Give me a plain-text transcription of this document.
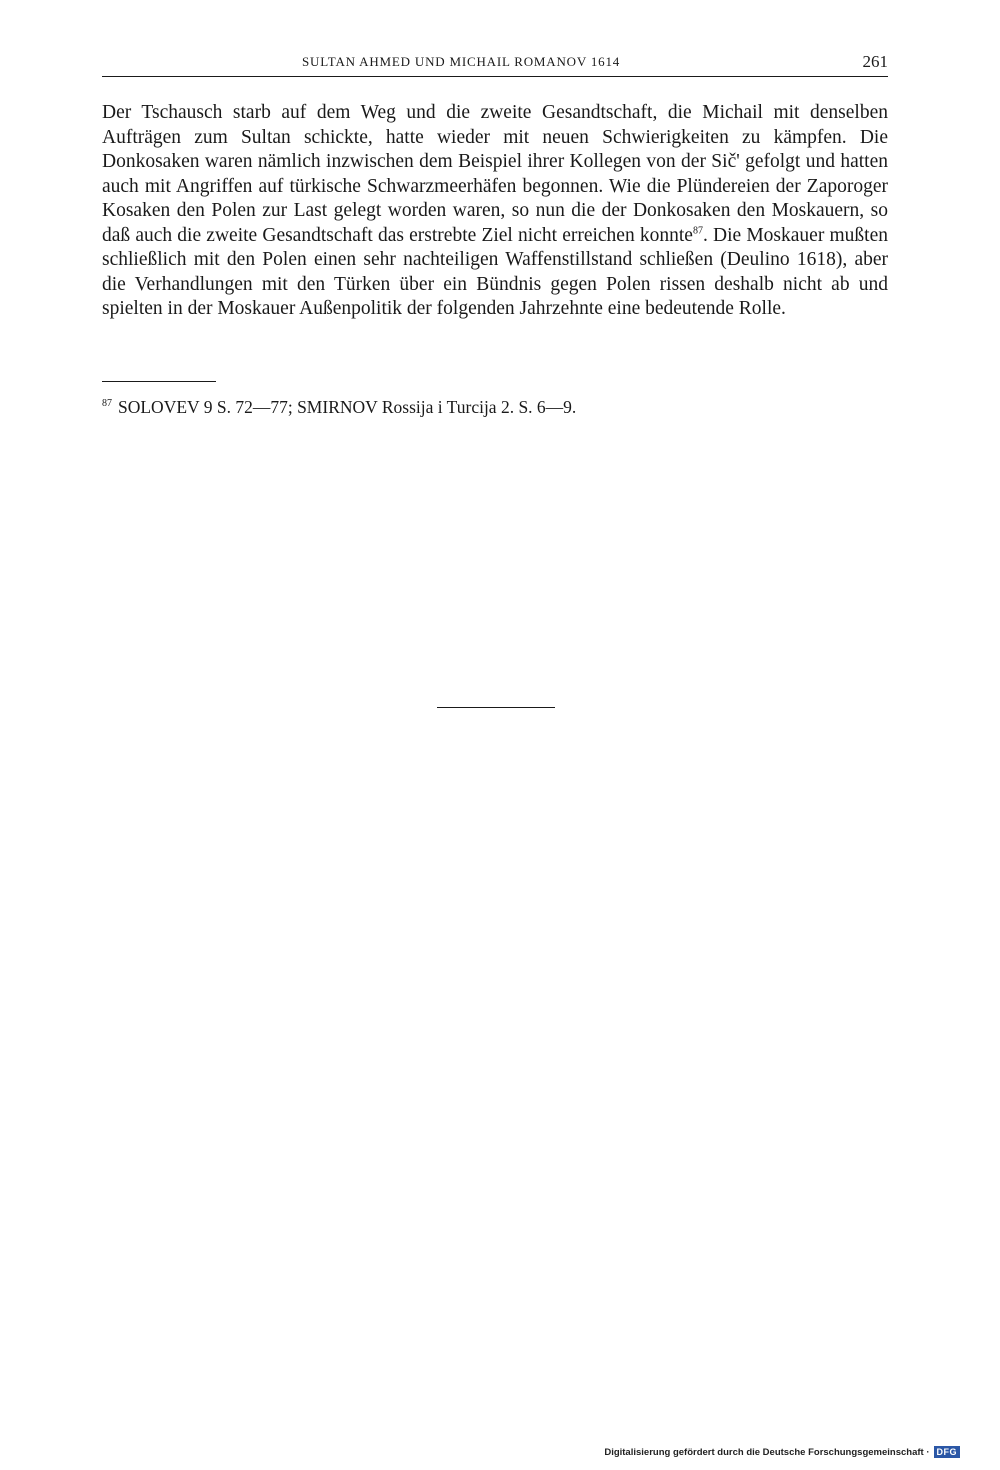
SULTAN AHMED UND MICHAIL ROMANOV 1614	261

Der Tschausch starb auf dem Weg und die zweite Gesandtschaft, die Michail mit denselben Aufträgen zum Sultan schickte, hatte wieder mit neuen Schwierigkeiten zu kämpfen. Die Donkosaken waren nämlich inzwischen dem Beispiel ihrer Kollegen von der Sič' gefolgt und hatten auch mit Angriffen auf türkische Schwarzmeerhäfen begonnen. Wie die Plündereien der Zaporoger Kosaken den Polen zur Last gelegt worden waren, so nun die der Donkosaken den Moskauern, so daß auch die zweite Gesandtschaft das erstrebte Ziel nicht erreichen konnte$^{87}$. Die Moskauer mußten schließlich mit den Polen einen sehr nachteiligen Waffenstillstand schließen (Deulino 1618), aber die Verhandlungen mit den Türken über ein Bündnis gegen Polen rissen deshalb nicht ab und spielten in der Moskauer Außenpolitik der folgenden Jahrzehnte eine bedeutende Rolle.

$^{87}$ SOLOVEV 9 S. 72—77; SMIRNOV Rossija i Turcija 2. S. 6—9.

Digitalisierung gefördert durch die Deutsche Forschungsgemeinschaft · DFG
